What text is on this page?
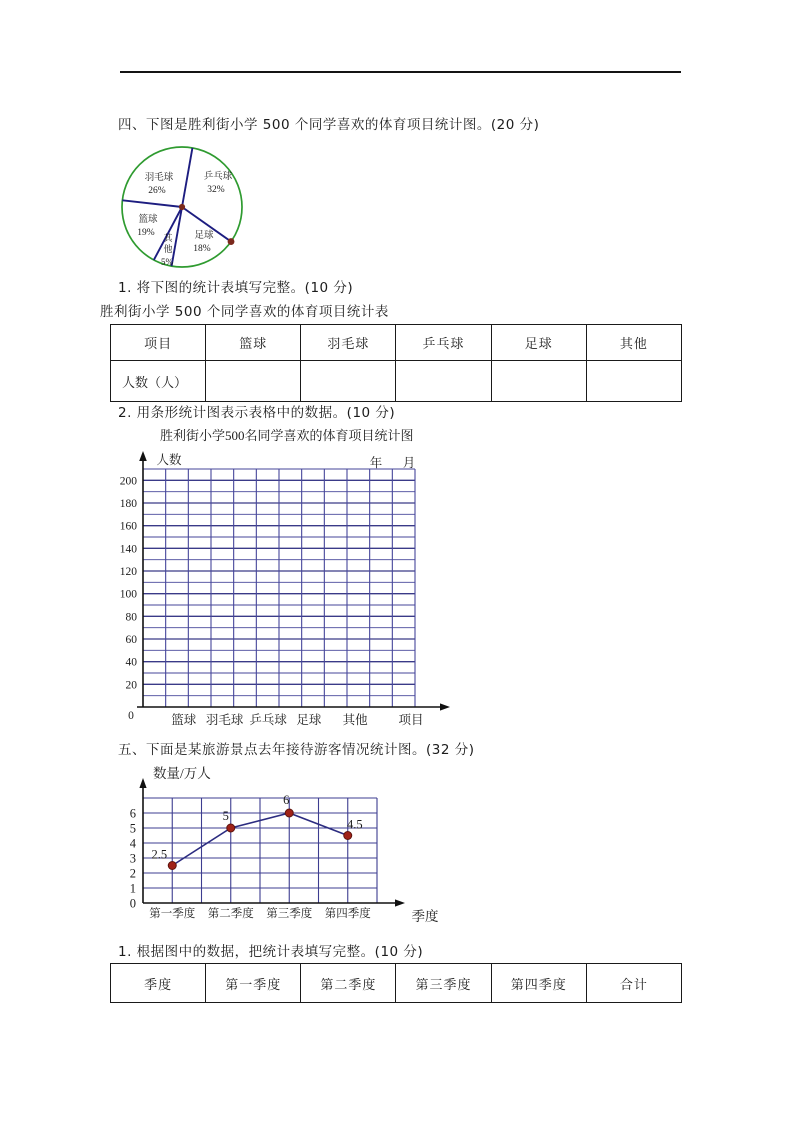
四、下图是胜利街小学 500 个同学喜欢的体育项目统计图。(20 分)
乒乓球
32%
足球
18%
其
他
5%
篮球
19%
羽毛球
26%
1. 将下图的统计表填写完整。(10 分)
胜利街小学 500 个同学喜欢的体育项目统计表
项目	篮球	羽毛球	乒乓球	足球	其他
人数（人）					
2. 用条形统计图表示表格中的数据。(10 分)
胜利街小学500名同学喜欢的体育项目统计图
20
40
60
80
100
120
140
160
180
200
0
人数	年 月
篮球 羽毛球 乒乓球 足球 其他 项目
五、下面是某旅游景点去年接待游客情况统计图。(32 分)
数量/万人
0
1
2
3
4
5
6
2.5
5
6
4.5
第一季度 第二季度 第三季度 第四季度	季度
1. 根据图中的数据，把统计表填写完整。(10 分)
季度	第一季度	第二季度	第三季度	第四季度	合计
